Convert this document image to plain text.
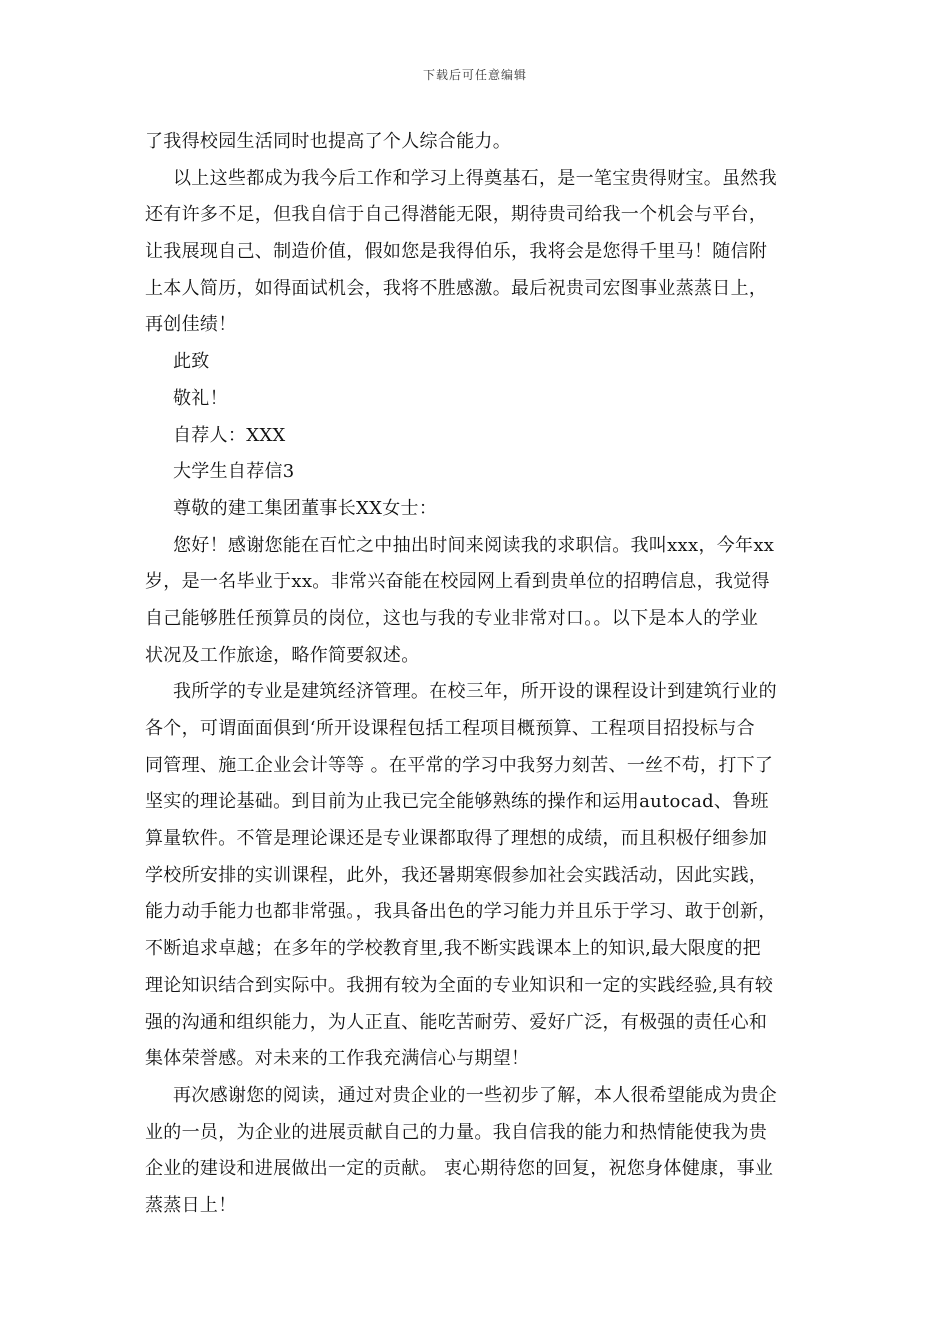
下载后可任意编辑
了我得校园生活同时也提高了个人综合能力。
以上这些都成为我今后工作和学习上得奠基石，是一笔宝贵得财宝。虽然我
还有许多不足，但我自信于自己得潜能无限，期待贵司给我一个机会与平台，
让我展现自己、制造价值，假如您是我得伯乐，我将会是您得千里马！随信附
上本人简历，如得面试机会，我将不胜感激。最后祝贵司宏图事业蒸蒸日上，
再创佳绩！
此致
敬礼！
自荐人：XXX
大学生自荐信3
尊敬的建工集团董事长XX女士：
您好！感谢您能在百忙之中抽出时间来阅读我的求职信。我叫xxx，今年xx
岁，是一名毕业于xx。非常兴奋能在校园网上看到贵单位的招聘信息，我觉得
自己能够胜任预算员的岗位，这也与我的专业非常对口。。以下是本人的学业
状况及工作旅途，略作简要叙述。
我所学的专业是建筑经济管理。在校三年，所开设的课程设计到建筑行业的
各个，可谓面面俱到‘所开设课程包括工程项目概预算、工程项目招投标与合
同管理、施工企业会计等等 。在平常的学习中我努力刻苦、一丝不苟，打下了
坚实的理论基础。到目前为止我已完全能够熟练的操作和运用autocad、鲁班
算量软件。不管是理论课还是专业课都取得了理想的成绩，而且积极仔细参加
学校所安排的实训课程，此外，我还暑期寒假参加社会实践活动，因此实践，
能力动手能力也都非常强。，我具备出色的学习能力并且乐于学习、敢于创新，
不断追求卓越；在多年的学校教育里,我不断实践课本上的知识,最大限度的把
理论知识结合到实际中。我拥有较为全面的专业知识和一定的实践经验,具有较
强的沟通和组织能力，为人正直、能吃苦耐劳、爱好广泛，有极强的责任心和
集体荣誉感。对未来的工作我充满信心与期望！
再次感谢您的阅读，通过对贵企业的一些初步了解，本人很希望能成为贵企
业的一员，为企业的进展贡献自己的力量。我自信我的能力和热情能使我为贵
企业的建设和进展做出一定的贡献。 衷心期待您的回复，祝您身体健康，事业
蒸蒸日上！
